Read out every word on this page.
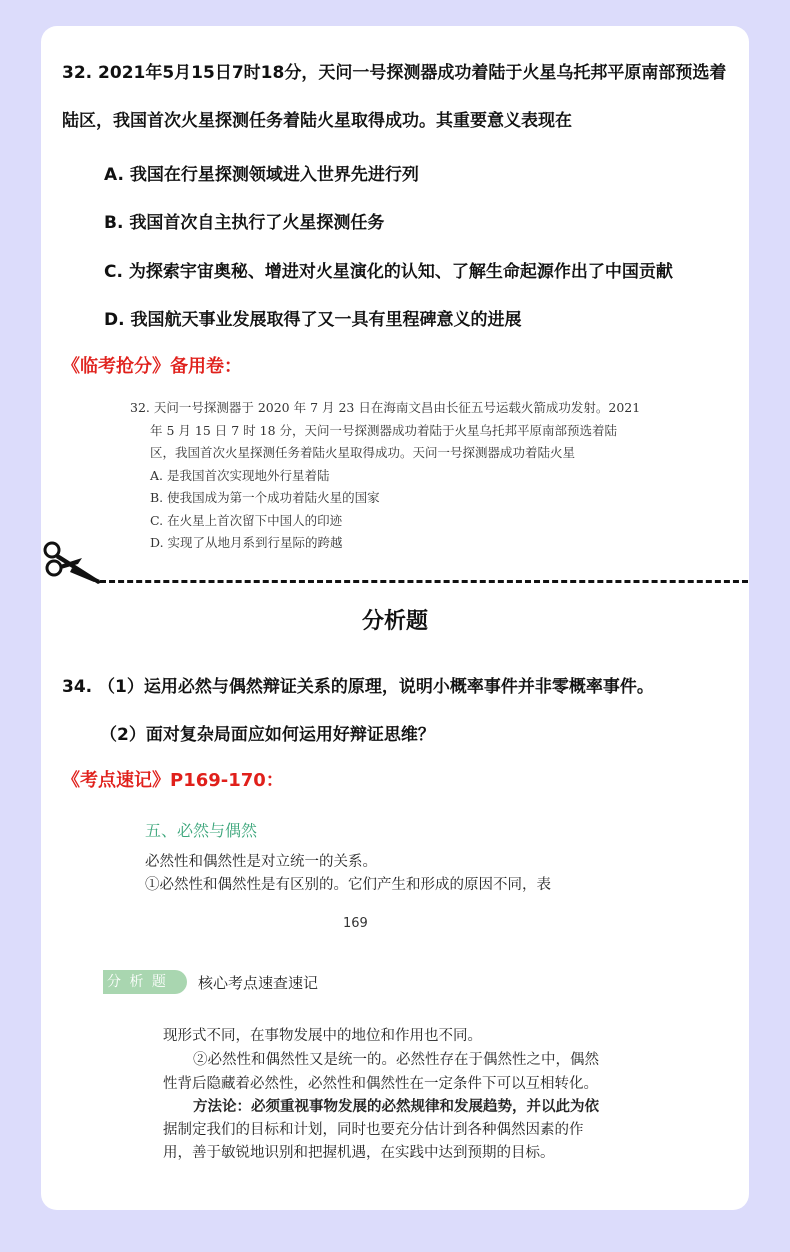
32. 2021年5月15日7时18分，天问一号探测器成功着陆于火星乌托邦平原南部预选着
陆区，我国首次火星探测任务着陆火星取得成功。其重要意义表现在
A. 我国在行星探测领域进入世界先进行列
B. 我国首次自主执行了火星探测任务
C. 为探索宇宙奥秘、增进对火星演化的认知、了解生命起源作出了中国贡献
D. 我国航天事业发展取得了又一具有里程碑意义的进展
《临考抢分》备用卷：
32. 天问一号探测器于 2020 年 7 月 23 日在海南文昌由长征五号运载火箭成功发射。2021
年 5 月 15 日 7 时 18 分，天问一号探测器成功着陆于火星乌托邦平原南部预选着陆
区，我国首次火星探测任务着陆火星取得成功。天问一号探测器成功着陆火星
A. 是我国首次实现地外行星着陆
B. 使我国成为第一个成功着陆火星的国家
C. 在火星上首次留下中国人的印迹
D. 实现了从地月系到行星际的跨越
分析题
34. （1）运用必然与偶然辩证关系的原理，说明小概率事件并非零概率事件。
（2）面对复杂局面应如何运用好辩证思维？
《考点速记》P169-170：
五、必然与偶然
必然性和偶然性是对立统一的关系。
①必然性和偶然性是有区别的。它们产生和形成的原因不同，表
169
分 析 题	核心考点速查速记
现形式不同，在事物发展中的地位和作用也不同。
②必然性和偶然性又是统一的。必然性存在于偶然性之中，偶然
性背后隐藏着必然性，必然性和偶然性在一定条件下可以互相转化。
方法论：必须重视事物发展的必然规律和发展趋势，并以此为依
据制定我们的目标和计划，同时也要充分估计到各种偶然因素的作
用，善于敏锐地识别和把握机遇，在实践中达到预期的目标。
